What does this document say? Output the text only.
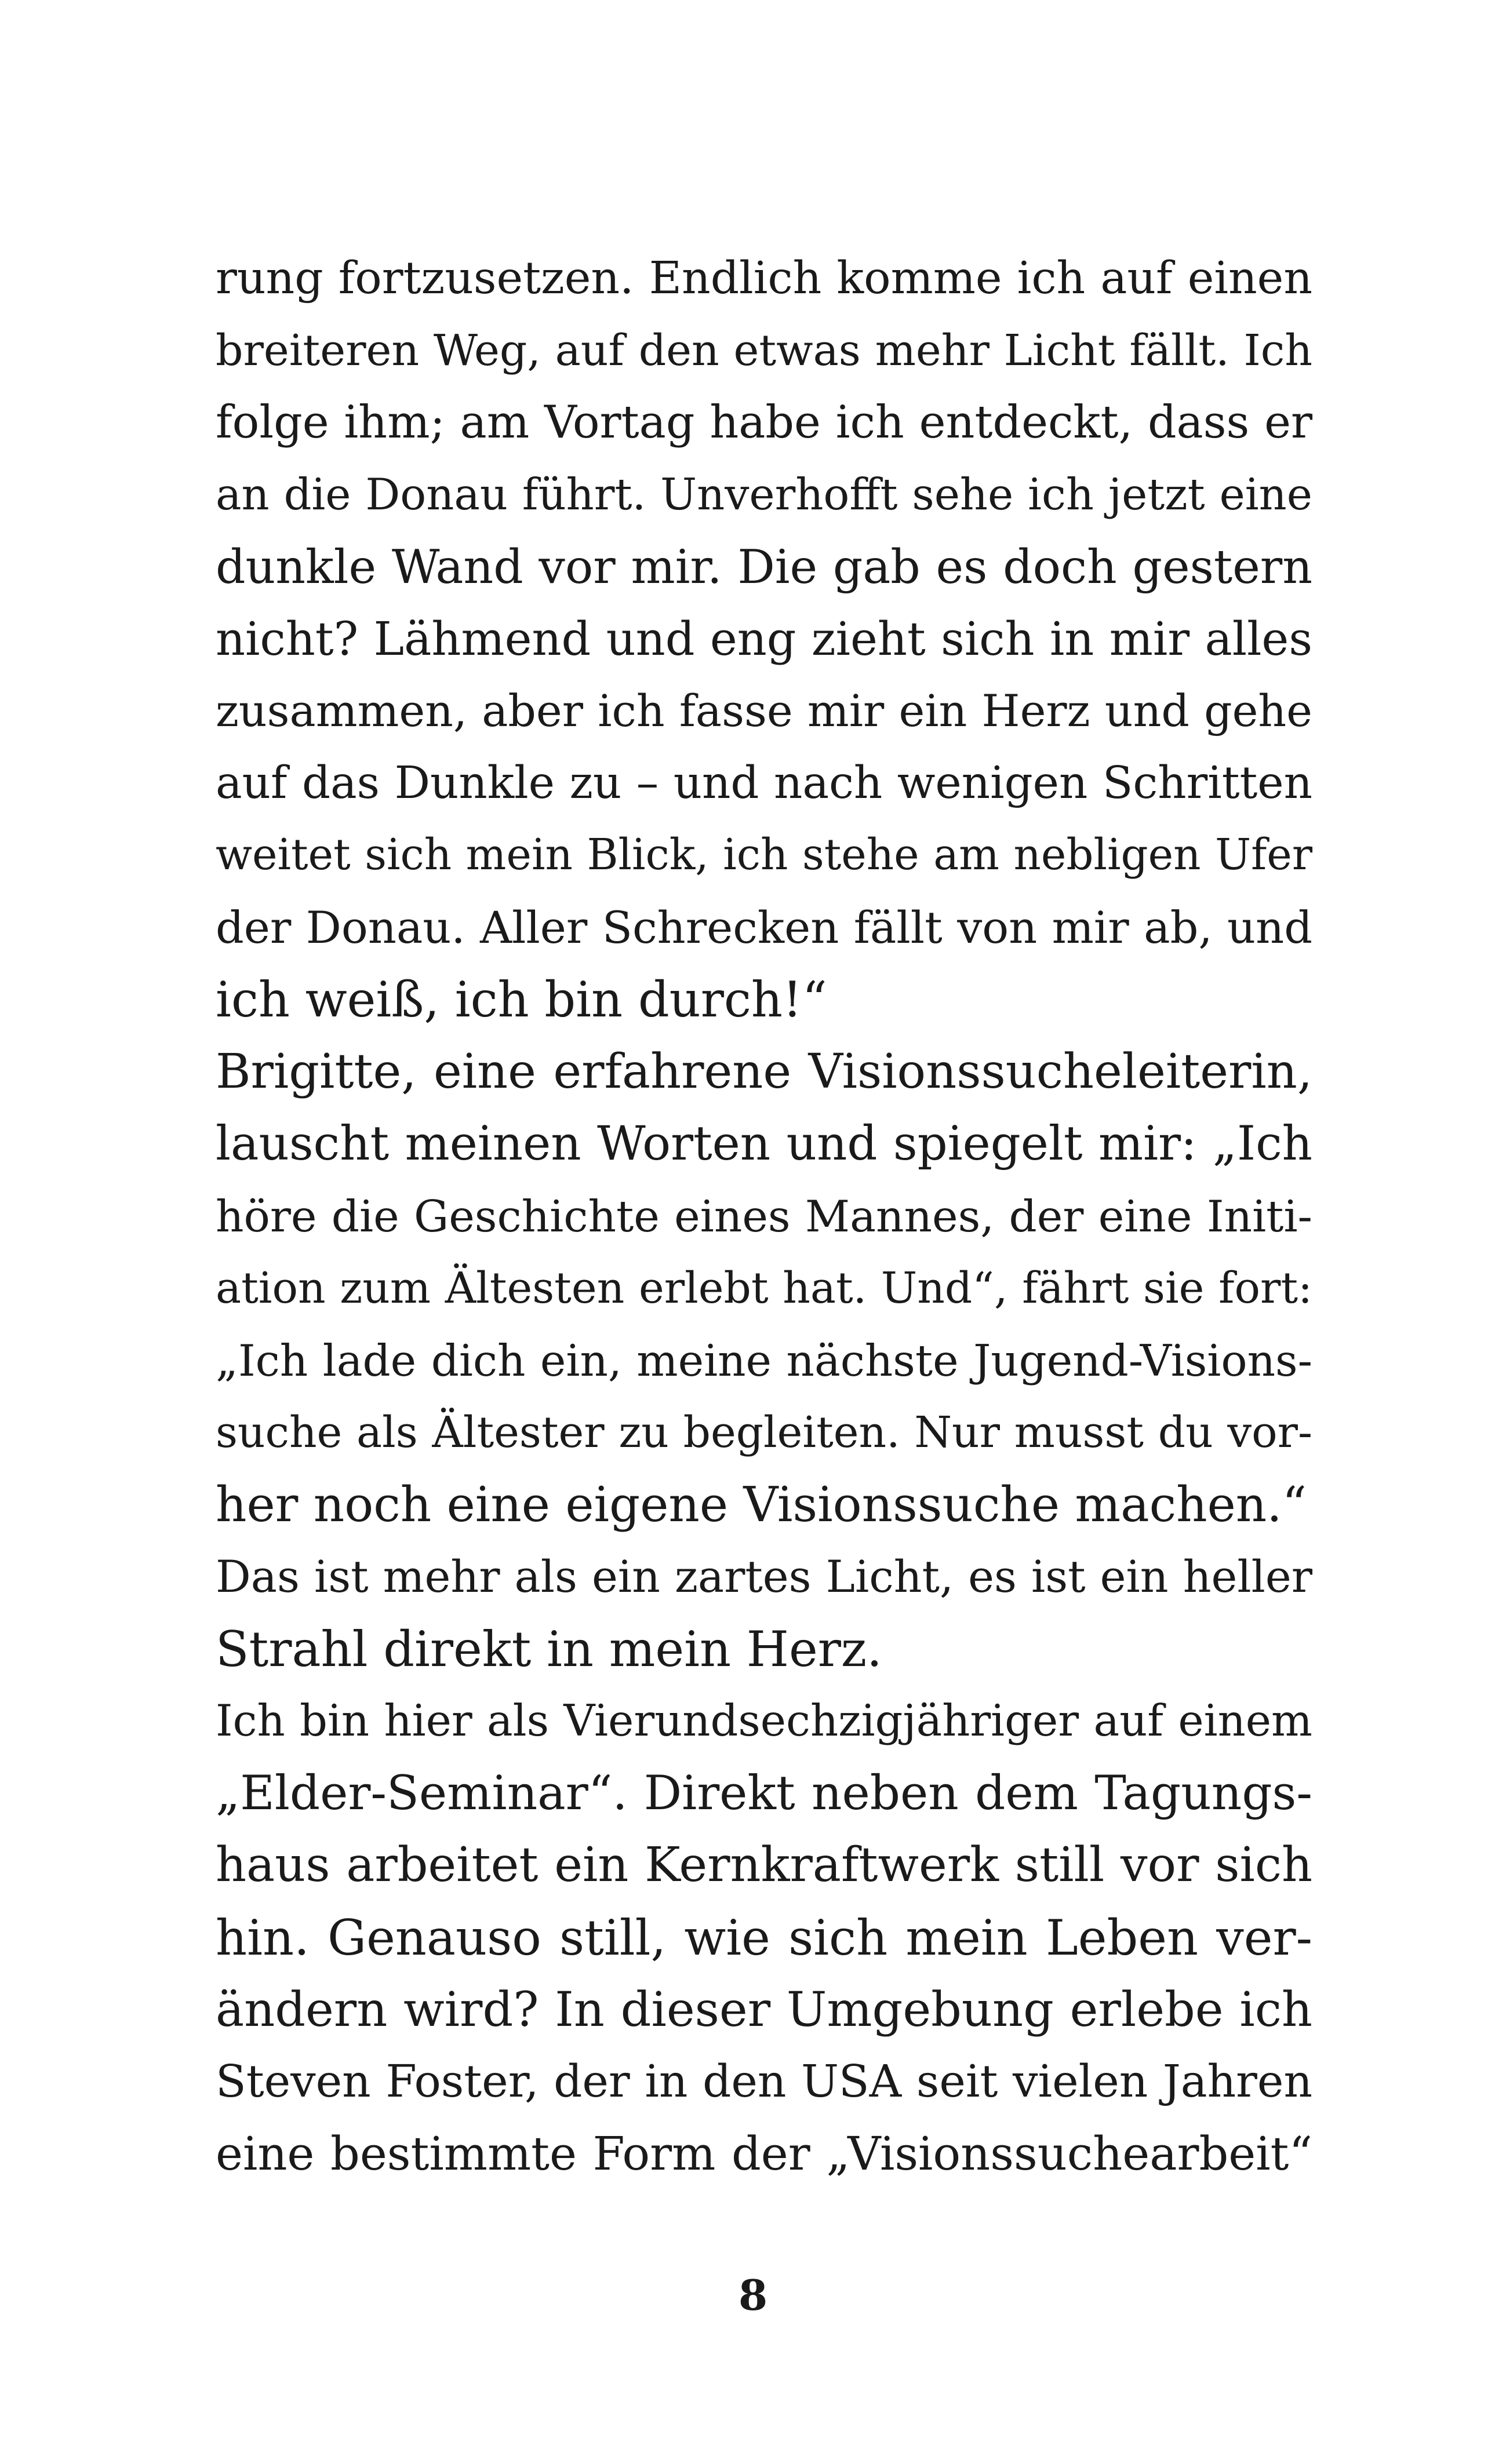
rung fortzusetzen. Endlich komme ich auf einen
breiteren Weg, auf den etwas mehr Licht fällt. Ich
folge ihm; am Vortag habe ich entdeckt, dass er
an die Donau führt. Unverhofft sehe ich jetzt eine
dunkle Wand vor mir. Die gab es doch gestern
nicht? Lähmend und eng zieht sich in mir alles
zusammen, aber ich fasse mir ein Herz und gehe
auf das Dunkle zu – und nach wenigen Schritten
weitet sich mein Blick, ich stehe am nebligen Ufer
der Donau. Aller Schrecken fällt von mir ab, und
ich weiß, ich bin durch!“
Brigitte, eine erfahrene Visionssucheleiterin,
lauscht meinen Worten und spiegelt mir: „Ich
höre die Geschichte eines Mannes, der eine Initi-
ation zum Ältesten erlebt hat. Und“, fährt sie fort:
„Ich lade dich ein, meine nächste Jugend-Visions-
suche als Ältester zu begleiten. Nur musst du vor-
her noch eine eigene Visionssuche machen.“
Das ist mehr als ein zartes Licht, es ist ein heller
Strahl direkt in mein Herz.
Ich bin hier als Vierundsechzigjähriger auf einem
„Elder-Seminar“. Direkt neben dem Tagungs-
haus arbeitet ein Kernkraftwerk still vor sich
hin. Genauso still, wie sich mein Leben ver-
ändern wird? In dieser Umgebung erlebe ich
Steven Foster, der in den USA seit vielen Jahren
eine bestimmte Form der „Visionssuchearbeit“
8
